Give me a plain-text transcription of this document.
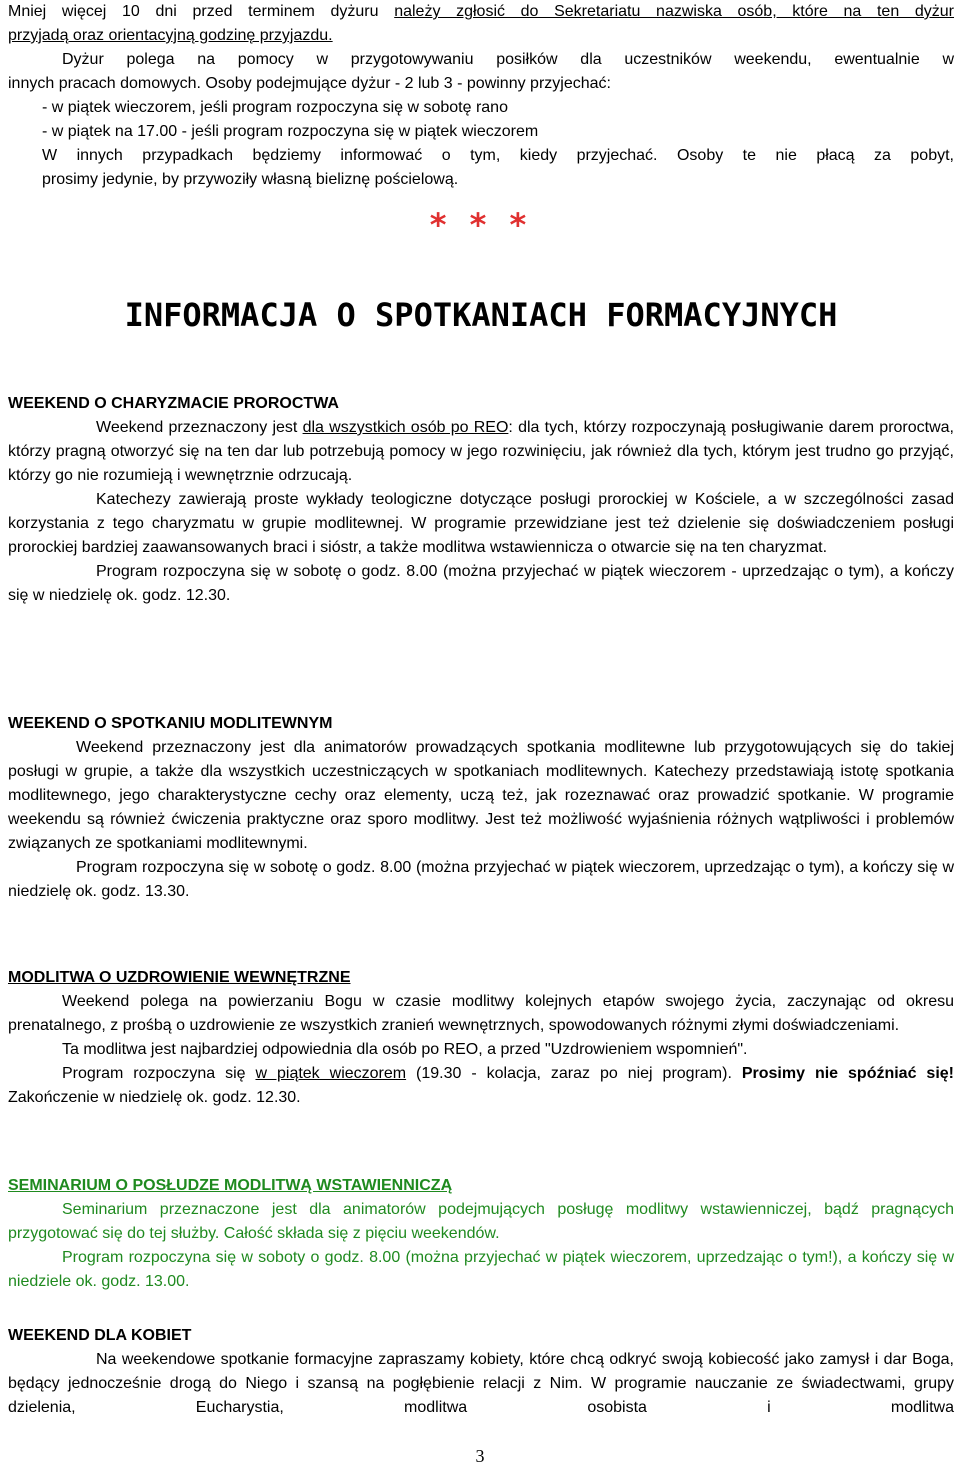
Mniej więcej 10 dni przed terminem dyżuru należy zgłosić do Sekretariatu nazwiska osób, które na ten dyżur

przyjadą oraz orientacyjną godzinę przyjazdu.

Dyżur polega na pomocy w przygotowywaniu posiłków dla uczestników weekendu, ewentualnie w

innych pracach domowych. Osoby podejmujące dyżur - 2 lub 3 - powinny przyjechać:

- w piątek wieczorem, jeśli program rozpoczyna się w sobotę rano

- w piątek na 17.00 - jeśli program rozpoczyna się w piątek wieczorem

W innych przypadkach będziemy informować o tym, kiedy przyjechać. Osoby te nie płacą za pobyt,

prosimy jedynie, by przywoziły własną bieliznę pościelową.

* * *
INFORMACJA O SPOTKANIACH FORMACYJNYCH

WEEKEND O CHARYZMACIE PROROCTWA

Weekend przeznaczony jest dla wszystkich osób po REO: dla tych, którzy rozpoczynają posługiwanie darem proroctwa, którzy pragną otworzyć się na ten dar lub potrzebują pomocy w jego rozwinięciu, jak również dla tych, którym jest trudno go przyjąć, którzy go nie rozumieją i wewnętrznie odrzucają.

Katechezy zawierają proste wykłady teologiczne dotyczące posługi prorockiej w Kościele, a w szczególności zasad korzystania z tego charyzmatu w grupie modlitewnej. W programie przewidziane jest też dzielenie się doświadczeniem posługi prorockiej bardziej zaawansowanych braci i sióstr, a także modlitwa wstawiennicza o otwarcie się na ten charyzmat.

Program rozpoczyna się w sobotę o godz. 8.00 (można przyjechać w piątek wieczorem - uprzedzając o tym), a kończy się w niedzielę ok. godz. 12.30.

WEEKEND O SPOTKANIU MODLITEWNYM

Weekend przeznaczony jest dla animatorów prowadzących spotkania modlitewne lub przygotowujących się do takiej posługi w grupie, a także dla wszystkich uczestniczących w spotkaniach modlitewnych. Katechezy przedstawiają istotę spotkania modlitewnego, jego charakterystyczne cechy oraz elementy, uczą też, jak rozeznawać oraz prowadzić spotkanie. W programie weekendu są również ćwiczenia praktyczne oraz sporo modlitwy. Jest też możliwość wyjaśnienia różnych wątpliwości i problemów związanych ze spotkaniami modlitewnymi.

Program rozpoczyna się w sobotę o godz. 8.00 (można przyjechać w piątek wieczorem, uprzedzając o tym), a kończy się w niedzielę ok. godz. 13.30.

MODLITWA O UZDROWIENIE WEWNĘTRZNE

Weekend polega na powierzaniu Bogu w czasie modlitwy kolejnych etapów swojego życia, zaczynając od okresu prenatalnego, z prośbą o uzdrowienie ze wszystkich zranień wewnętrznych, spowodowanych różnymi złymi doświadczeniami.

Ta modlitwa jest najbardziej odpowiednia dla osób po REO, a przed "Uzdrowieniem wspomnień".

Program rozpoczyna się w piątek wieczorem (19.30 - kolacja, zaraz po niej program). Prosimy nie spóźniać się! Zakończenie w niedzielę ok. godz. 12.30.

SEMINARIUM O POSŁUDZE MODLITWĄ WSTAWIENNICZĄ

Seminarium przeznaczone jest dla animatorów podejmujących posługę modlitwy wstawienniczej, bądź pragnących przygotować się do tej służby. Całość składa się z pięciu weekendów.

Program rozpoczyna się w soboty o godz. 8.00 (można przyjechać w piątek wieczorem, uprzedzając o tym!), a kończy się w niedziele ok. godz. 13.00.

WEEKEND DLA KOBIET

Na weekendowe spotkanie formacyjne zapraszamy kobiety, które chcą odkryć swoją kobiecość jako zamysł i dar Boga, będący jednocześnie drogą do Niego i szansą na pogłębienie relacji z Nim. W programie nauczanie ze świadectwami, grupy dzielenia, Eucharystia, modlitwa osobista i modlitwa

3
